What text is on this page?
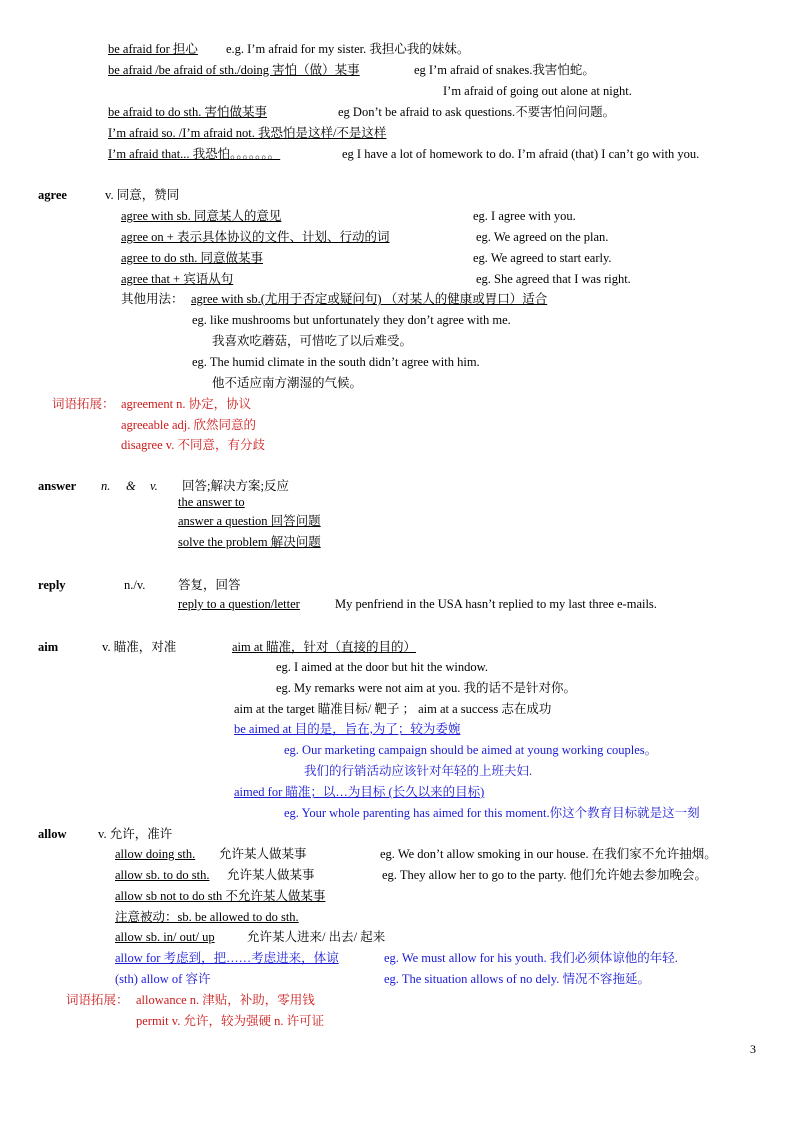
be afraid for 担心 e.g. I’m afraid for my sister. 我担心我的妹妹。
be afraid /be afraid of sth./doing 害怕（做）某事	eg I’m afraid of snakes.我害怕蛇。
I’m afraid of going out alone at night.
be afraid to do sth. 害怕做某事	eg Don’t be afraid to ask questions.不要害怕问问题。
I’m afraid so. /I’m afraid not. 我恐怕是这样/不是这样
I’m afraid that... 我恐怕。。。。。。。	eg I have a lot of homework to do. I’m afraid (that) I can’t go with you.
agree	v. 同意，赞同
agree with sb. 同意某人的意见	eg. I agree with you.
agree on + 表示具体协议的文件、计划、行动的词	eg. We agreed on the plan.
agree to do sth. 同意做某事	eg. We agreed to start early.
agree that + 宾语从句	eg. She agreed that I was right.
其他用法： agree with sb.(尤用于否定或疑问句) （对某人的健康或胃口）适合
eg. like mushrooms but unfortunately they don’t agree with me.
我喜欢吃蘑菇，可惜吃了以后难受。
eg. The humid climate in the south didn’t agree with him.
他不适应南方潮湿的气候。
词语拓展： agreement n. 协定，协议
agreeable adj. 欣然同意的
disagree v. 不同意，有分歧
answer n. & v. 回答;解决方案;反应
the answer to
answer a question 回答问题
solve the problem 解决问题
reply	n./v.	答复，回答
reply to a question/letter	My penfriend in the USA hasn’t replied to my last three e-mails.
aim	v. 瞄准，对准	aim at 瞄准，针对（直接的目的）
eg. I aimed at the door but hit the window.
eg. My remarks were not aim at you. 我的话不是针对你。
aim at the target 瞄准目标/ 靶子 ； aim at a success 志在成功
be aimed at 目的是，旨在,为了；较为委婉
eg. Our marketing campaign should be aimed at young working couples。
我们的行销活动应该针对年轻的上班夫妇.
aimed for 瞄准；以…为目标 (长久以来的目标)
eg. Your whole parenting has aimed for this moment.你这个教育目标就是这一刻
allow	v. 允许，准许
allow doing sth. 允许某人做某事	eg. We don’t allow smoking in our house. 在我们家不允许抽烟。
allow sb. to do sth. 允许某人做某事	eg. They allow her to go to the party. 他们允许她去参加晚会。
allow sb not to do sth 不允许某人做某事
注意被动：sb. be allowed to do sth.
allow sb. in/ out/ up	允许某人进来/ 出去/ 起来
allow for 考虑到，把……考虑进来，体谅	eg. We must allow for his youth. 我们必须体谅他的年轻.
(sth) allow of 容许	eg. The situation allows of no dely. 情况不容拖延。
词语拓展： allowance n. 津贴，补助，零用钱
permit v. 允许，较为强硬 n. 许可证
3
